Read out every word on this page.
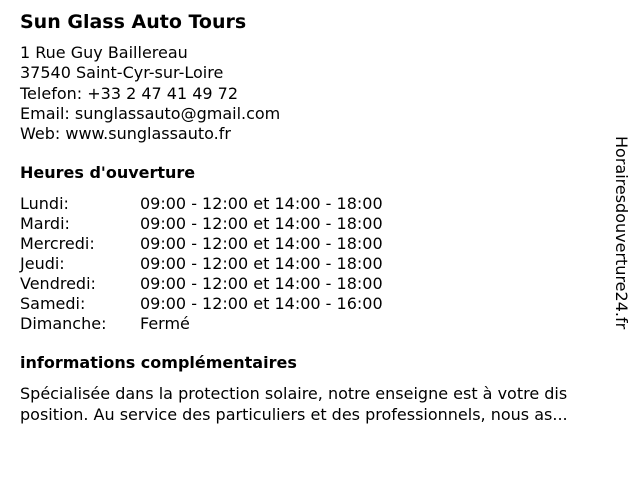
Sun Glass Auto Tours
1 Rue Guy Baillereau
37540 Saint-Cyr-sur-Loire
Telefon: +33 2 47 41 49 72
Email: sunglassauto@gmail.com
Web: www.sunglassauto.fr
Heures d'ouverture
Lundi:	09:00 - 12:00 et 14:00 - 18:00
Mardi:	09:00 - 12:00 et 14:00 - 18:00
Mercredi:	09:00 - 12:00 et 14:00 - 18:00
Jeudi:	09:00 - 12:00 et 14:00 - 18:00
Vendredi:	09:00 - 12:00 et 14:00 - 18:00
Samedi:	09:00 - 12:00 et 14:00 - 16:00
Dimanche:	Fermé
informations complémentaires
Spécialisée dans la protection solaire, notre enseigne est à votre dis
position. Au service des particuliers et des professionnels, nous as...
Horairesdouverture24.fr
